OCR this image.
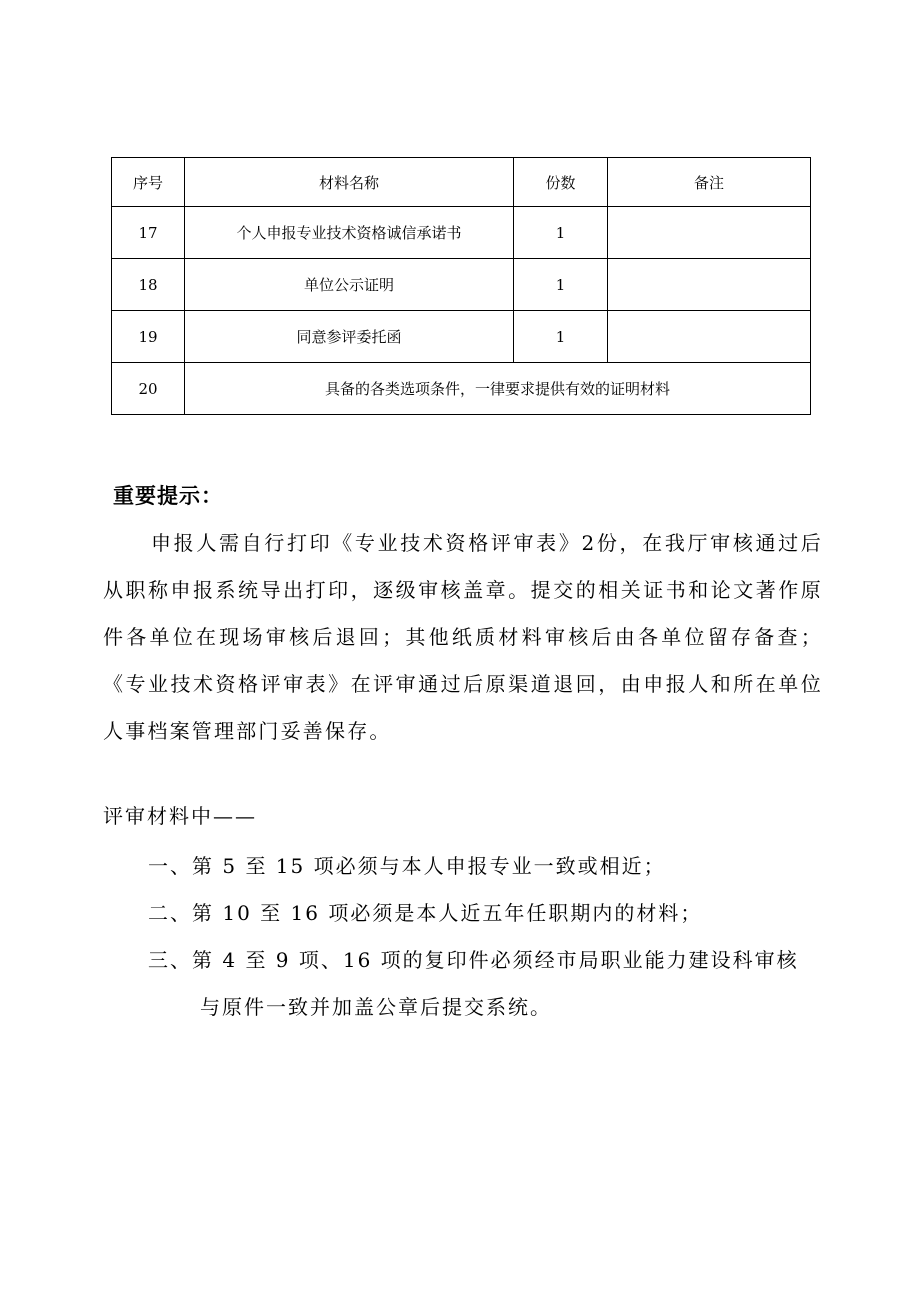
序号	材料名称	份数	备注
17	个人申报专业技术资格诚信承诺书	1	
18	单位公示证明	1	
19	同意参评委托函	1	
20	具备的各类选项条件，一律要求提供有效的证明材料		
重要提示：

申报人需自行打印《专业技术资格评审表》2份，在我厅审核通过后从职称申报系统导出打印，逐级审核盖章。提交的相关证书和论文著作原件各单位在现场审核后退回；其他纸质材料审核后由各单位留存备查；《专业技术资格评审表》在评审通过后原渠道退回，由申报人和所在单位人事档案管理部门妥善保存。

评审材料中——
一、第 5 至 15 项必须与本人申报专业一致或相近；
二、第 10 至 16 项必须是本人近五年任职期内的材料；
三、第 4 至 9 项、16 项的复印件必须经市局职业能力建设科审核
与原件一致并加盖公章后提交系统。
